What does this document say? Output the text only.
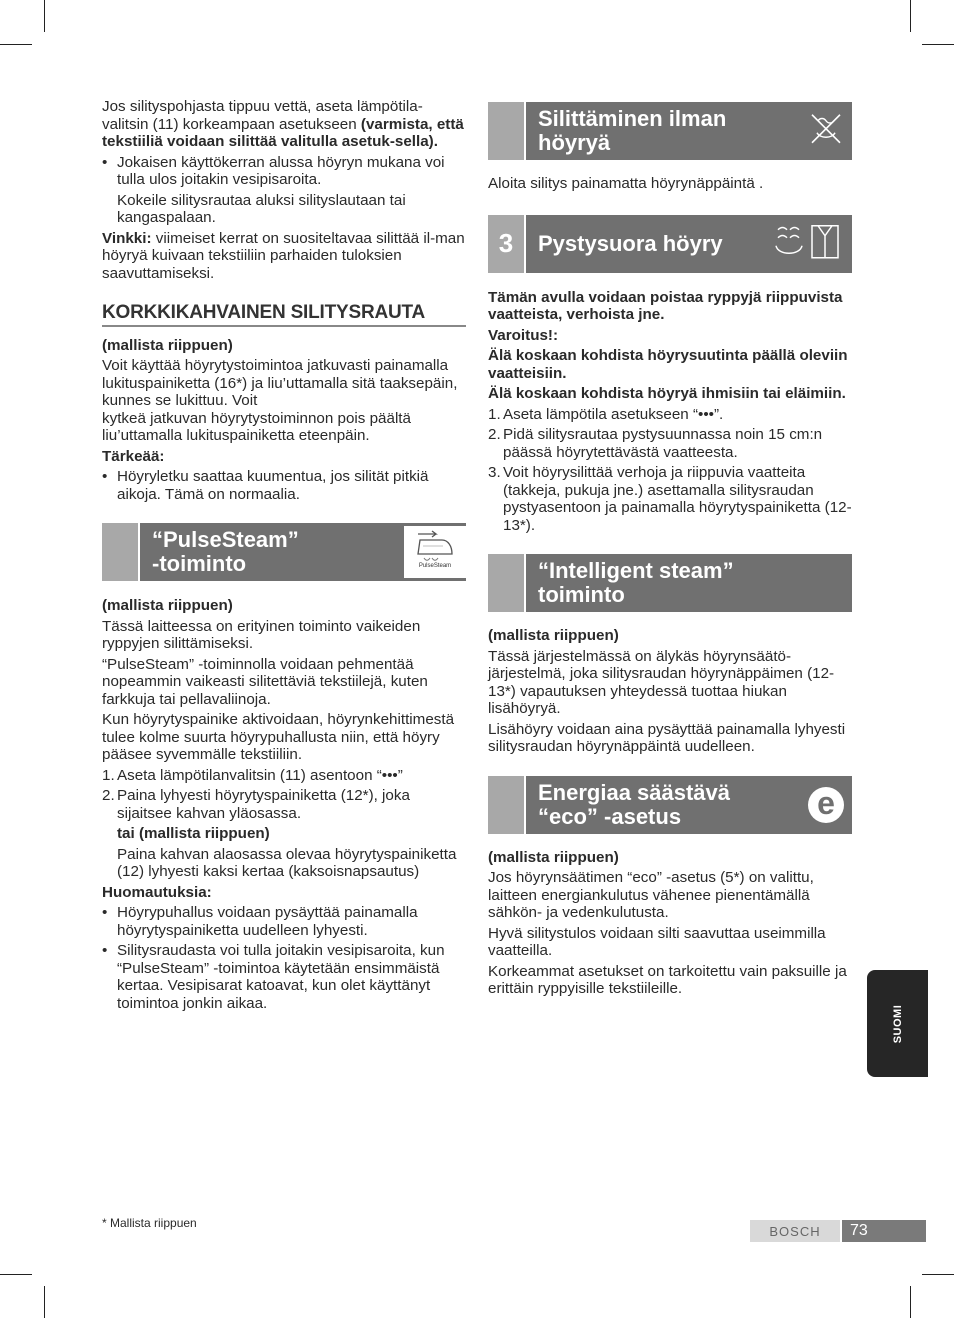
Jos silityspohjasta tippuu vettä, aseta lämpötila-valitsin (11) korkeampaan asetukseen (varmista, että tekstiiliä voidaan silittää valitulla asetuk-sella).

• Jokaisen käyttökerran alussa höyryn mukana voi tulla ulos joitakin vesipisaroita.
Kokeile silitysrautaa aluksi silityslautaan tai kangaspalaan.

Vinkki: viimeiset kerrat on suositeltavaa silittää il-man höyryä kuivaan tekstiiliin parhaiden tuloksien saavuttamiseksi.

KORKKIKAHVAINEN SILITYSRAUTA

(mallista riippuen)

Voit käyttää höyrytystoimintoa jatkuvasti painamalla lukituspainiketta (16*) ja liu’uttamalla sitä taaksepäin, kunnes se lukittuu. Voit

kytkeä jatkuvan höyrytystoiminnon pois päältä liu’uttamalla lukituspainiketta eteenpäin.

Tärkeää:

• Höyryletku saattaa kuumentua, jos silität pitkiä aikoja. Tämä on normaalia.
“PulseSteam”
-toiminto	PulseSteam

(mallista riippuen)

Tässä laitteessa on erityinen toiminto vaikeiden ryppyjen silittämiseksi.

“PulseSteam” -toiminnolla voidaan pehmentää nopeammin vaikeasti silitettäviä tekstiilejä, kuten farkkuja tai pellavaliinoja.

Kun höyrytyspainike aktivoidaan, höyrynkehittimestä tulee kolme suurta höyrypuhallusta niin, että höyry pääsee syvemmälle tekstiiliin.

1. Aseta lämpötilanvalitsin (11) asentoon “•••”
2. Paina lyhyesti höyrytyspainiketta (12*), joka sijaitsee kahvan yläosassa.
tai (mallista riippuen)
Paina kahvan alaosassa olevaa höyrytyspainiketta (12) lyhyesti kaksi kertaa (kaksoisnapsautus)

Huomautuksia:

• Höyrypuhallus voidaan pysäyttää painamalla höyrytyspainiketta uudelleen lyhyesti.
• Silitysraudasta voi tulla joitakin vesipisaroita, kun “PulseSteam” -toimintoa käytetään ensimmäistä kertaa. Vesipisarat katoavat, kun olet käyttänyt toimintoa jonkin aikaa.
Silittäminen ilman
höyryä

Aloita silitys painamatta höyrynäppäintä .

3	Pystysuora höyry

Tämän avulla voidaan poistaa ryppyjä riippuvista vaatteista, verhoista jne.

Varoitus!:

Älä koskaan kohdista höyrysuutinta päällä oleviin vaatteisiin.

Älä koskaan kohdista höyryä ihmisiin tai eläimiin.

1. Aseta lämpötila asetukseen “•••”.
2. Pidä silitysrautaa pystysuunnassa noin 15 cm:n päässä höyrytettävästä vaatteesta.
3. Voit höyrysilittää verhoja ja riippuvia vaatteita (takkeja, pukuja jne.) asettamalla silitysraudan pystyasentoon ja painamalla höyrytyspainiketta (12-13*).
“Intelligent steam”
toiminto

(mallista riippuen)

Tässä järjestelmässä on älykäs höyrynsäätö-järjestelmä, joka silitysraudan höyrynäppäimen (12-13*) vapautuksen yhteydessä tuottaa hiukan lisähöyryä.

Lisähöyry voidaan aina pysäyttää painamalla lyhyesti silitysraudan höyrynäppäintä uudelleen.

Energiaa säästävä
“eco” -asetus	e

(mallista riippuen)

Jos höyrynsäätimen “eco” -asetus (5*) on valittu, laitteen energiankulutus vähenee pienentämällä sähkön- ja vedenkulutusta.

Hyvä silitystulos voidaan silti saavuttaa useimmilla vaatteilla.

Korkeammat asetukset on tarkoitettu vain paksuille ja erittäin ryppyisille tekstiileille.

SUOMI
* Mallista riippuen
BOSCH	73
